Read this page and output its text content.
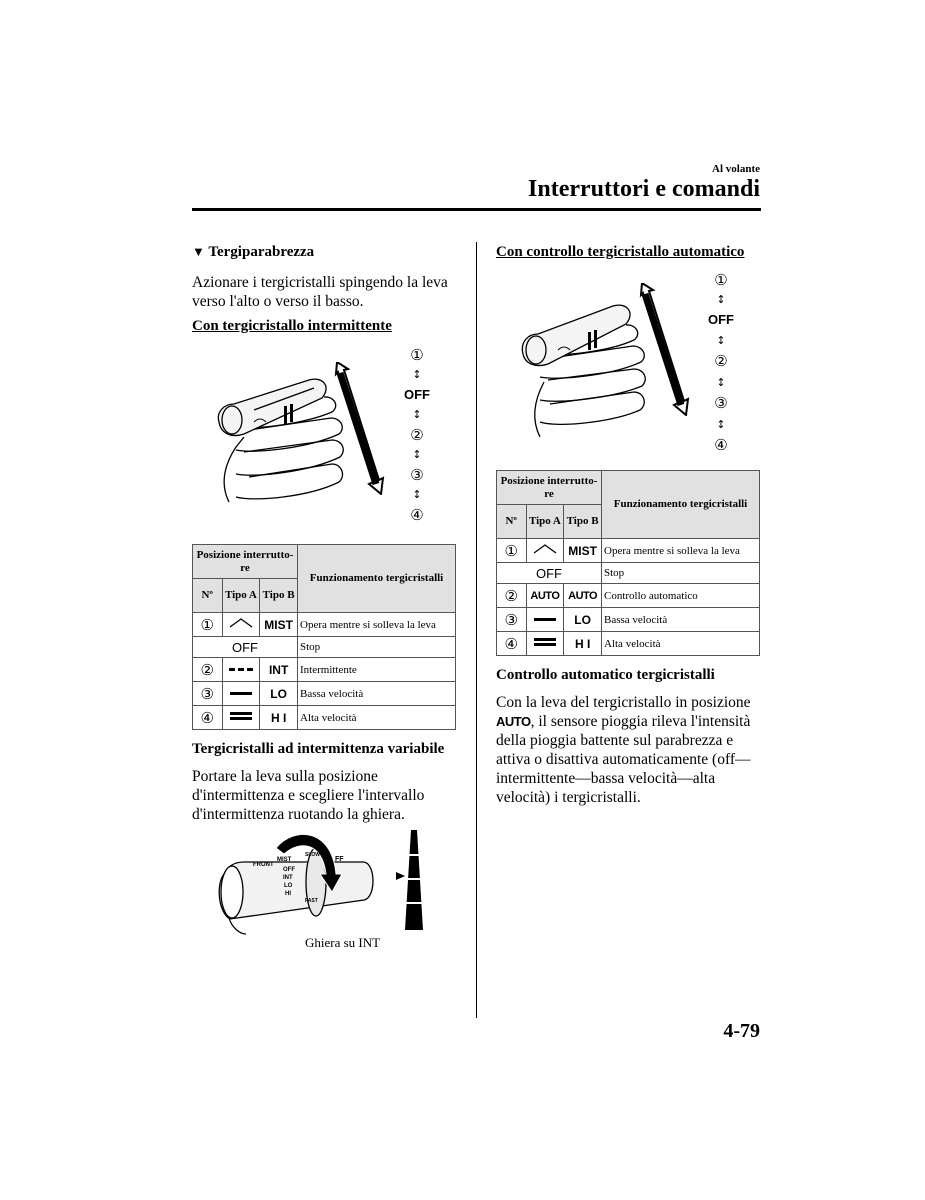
Al volante
Interruttori e comandi
▼ Tergiparabrezza
Azionare i tergicristalli spingendo la leva verso l'alto o verso il basso.
Con tergicristallo intermittente
①
↕
OFF
↕
②
↕
③
↕
④
Posizione interrutto-re			Funzionamento tergicristalli
Nº	Tipo A	Tipo B	
①		MIST	Opera mentre si solleva la leva
OFF			Stop
②		INT	Intermittente
③		LO	Bassa velocità
④		H I	Alta velocità
Tergicristalli ad intermittenza variabile
Portare la leva sulla posizione d'intermittenza e scegliere l'intervallo d'intermittenza ruotando la ghiera.
FRONT
MIST
OFF
INT
LO
HI
SLOW
FAST
FF
Ghiera su INT
Con controllo tergicristallo automatico
①
↕
OFF
↕
②
↕
③
↕
④
Posizione interrutto-re			Funzionamento tergicristalli
Nº	Tipo A	Tipo B	
①		MIST	Opera mentre si solleva la leva
OFF			Stop
②	AUTO	AUTO	Controllo automatico
③		LO	Bassa velocità
④		H I	Alta velocità
Controllo automatico tergicristalli
Con la leva del tergicristallo in posizione AUTO, il sensore pioggia rileva l'intensità della pioggia battente sul parabrezza e attiva o disattiva automaticamente (off—intermittente—bassa velocità—alta velocità) i tergicristalli.
4-79
